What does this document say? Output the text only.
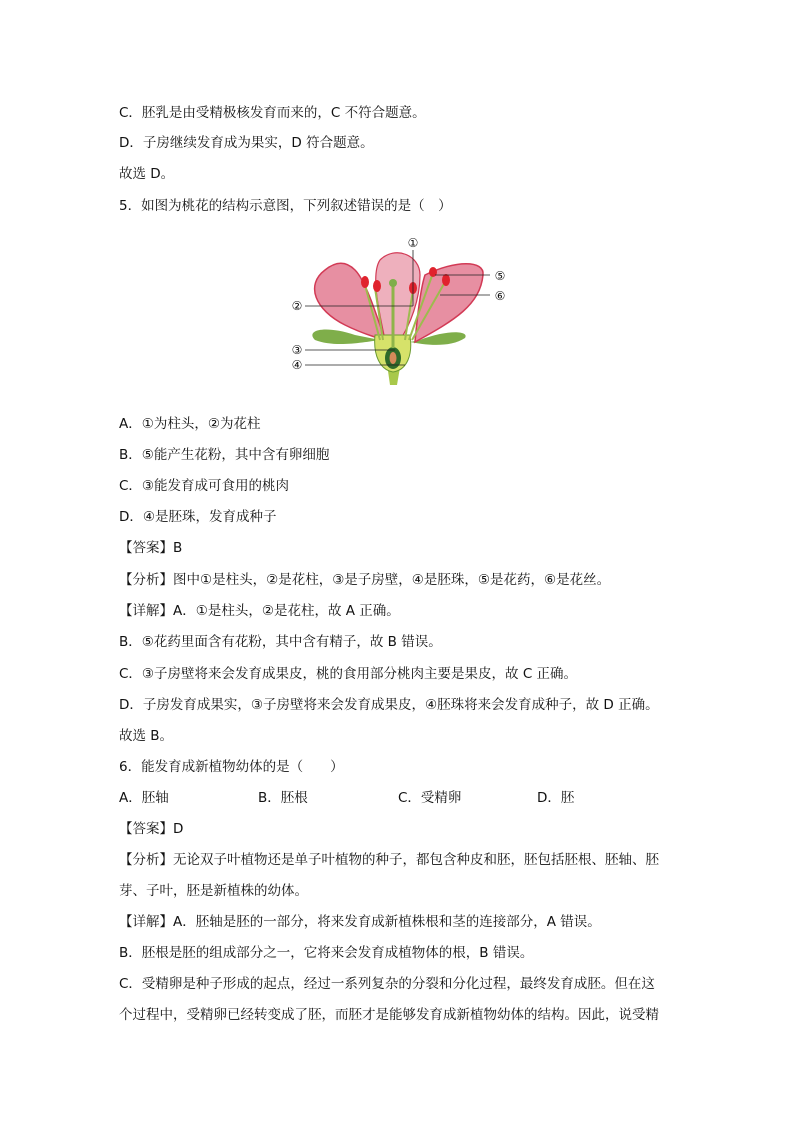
C．胚乳是由受精极核发育而来的，C 不符合题意。
D．子房继续发育成为果实，D 符合题意。
故选 D。
5．如图为桃花的结构示意图，下列叙述错误的是（　）
①
②
③
④
⑤
⑥
A．①为柱头，②为花柱
B．⑤能产生花粉，其中含有卵细胞
C．③能发育成可食用的桃肉
D．④是胚珠，发育成种子
【答案】B
【分析】图中①是柱头，②是花柱，③是子房壁，④是胚珠，⑤是花药，⑥是花丝。
【详解】A．①是柱头，②是花柱，故 A 正确。
B．⑤花药里面含有花粉，其中含有精子，故 B 错误。
C．③子房壁将来会发育成果皮，桃的食用部分桃肉主要是果皮，故 C 正确。
D．子房发育成果实，③子房壁将来会发育成果皮，④胚珠将来会发育成种子，故 D 正确。
故选 B。
6．能发育成新植物幼体的是（　　）
A．胚轴	B．胚根	C．受精卵	D．胚
【答案】D
【分析】无论双子叶植物还是单子叶植物的种子，都包含种皮和胚，胚包括胚根、胚轴、胚
芽、子叶，胚是新植株的幼体。
【详解】A．胚轴是胚的一部分，将来发育成新植株根和茎的连接部分，A 错误。
B．胚根是胚的组成部分之一，它将来会发育成植物体的根，B 错误。
C．受精卵是种子形成的起点，经过一系列复杂的分裂和分化过程，最终发育成胚。但在这
个过程中，受精卵已经转变成了胚，而胚才是能够发育成新植物幼体的结构。因此，说受精
